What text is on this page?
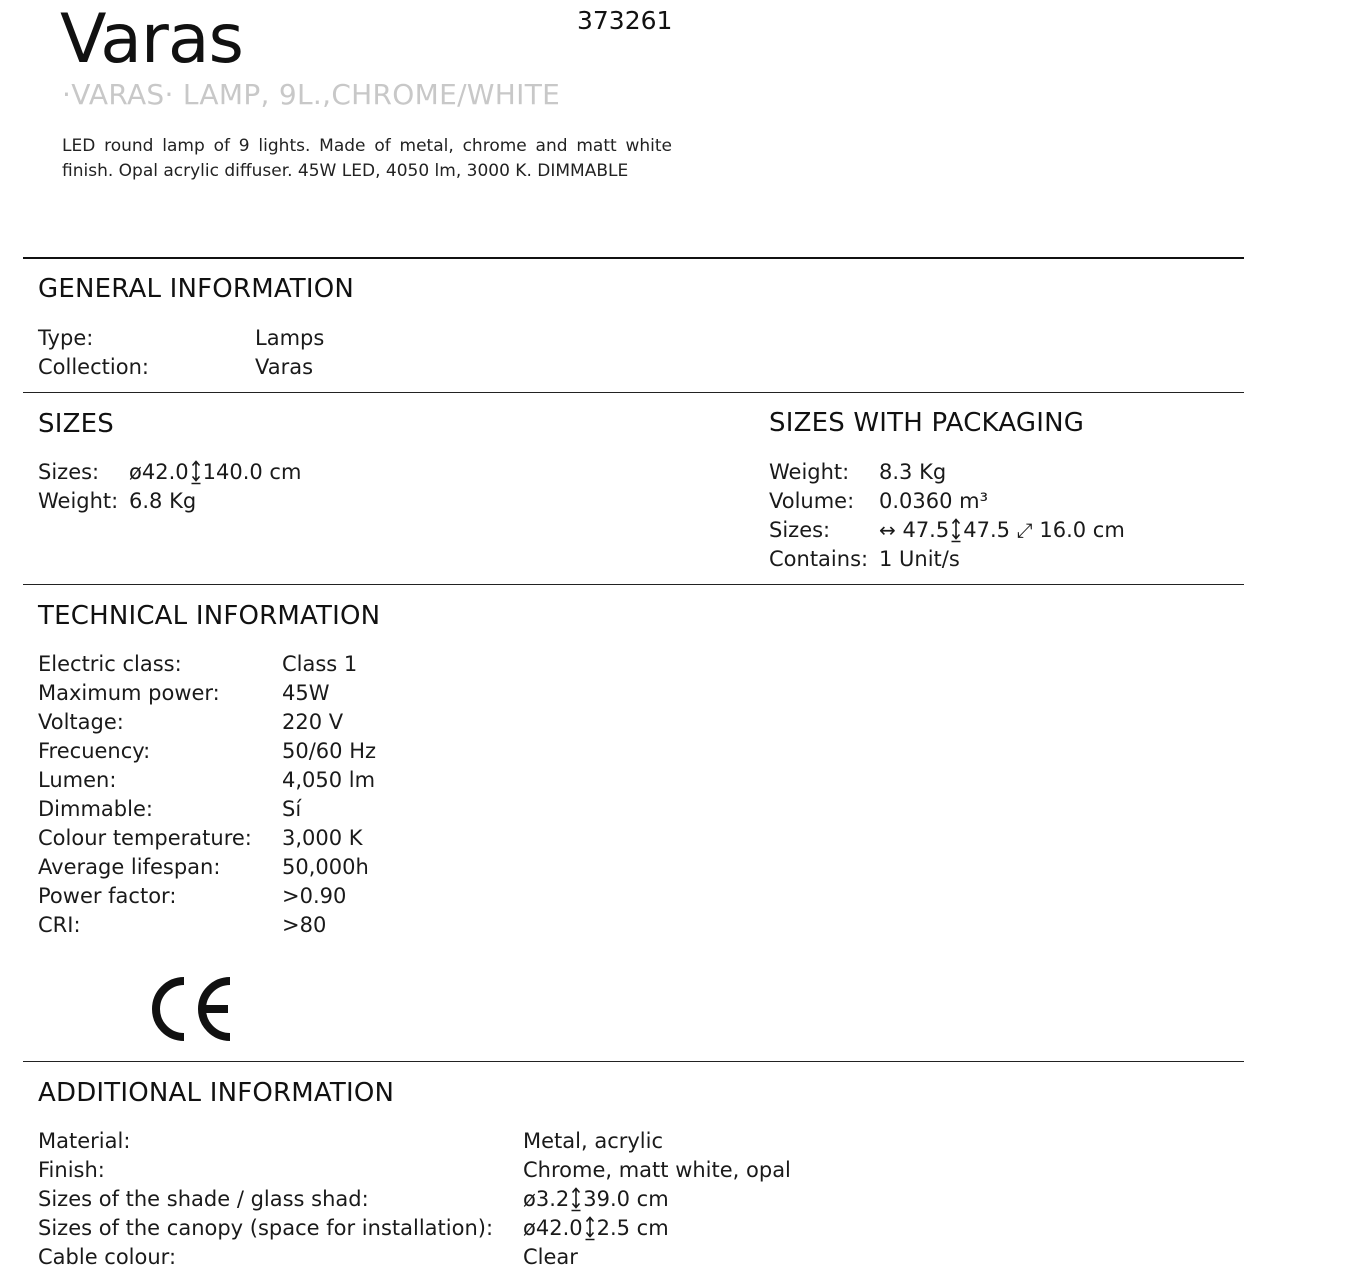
Varas	373261
·VARAS· LAMP, 9L.,CHROME/WHITE
LED round lamp of 9 lights. Made of metal, chrome and matt white finish. Opal acrylic diffuser. 45W LED, 4050 lm, 3000 K. DIMMABLE
GENERAL INFORMATION
Type:	Lamps
Collection:	Varas
SIZES
Sizes: ø42.0 140.0 cm
Weight: 6.8 Kg
SIZES WITH PACKAGING
Weight: 8.3 Kg
Volume: 0.0360 m³
Sizes: ↔ 47.5 47.5 ⤢ 16.0 cm
Contains: 1 Unit/s
TECHNICAL INFORMATION
Electric class:	Class 1
Maximum power:	45W
Voltage:	220 V
Frecuency:	50/60 Hz
Lumen:	4,050 lm
Dimmable:	Sí
Colour temperature: 3,000 K
Average lifespan:	50,000h
Power factor:	>0.90
CRI:	>80
ADDITIONAL INFORMATION
Material:	Metal, acrylic
Finish:	Chrome, matt white, opal
Sizes of the shade / glass shad:	ø3.2 39.0 cm
Sizes of the canopy (space for installation): ø42.0 2.5 cm
Cable colour:	Clear
